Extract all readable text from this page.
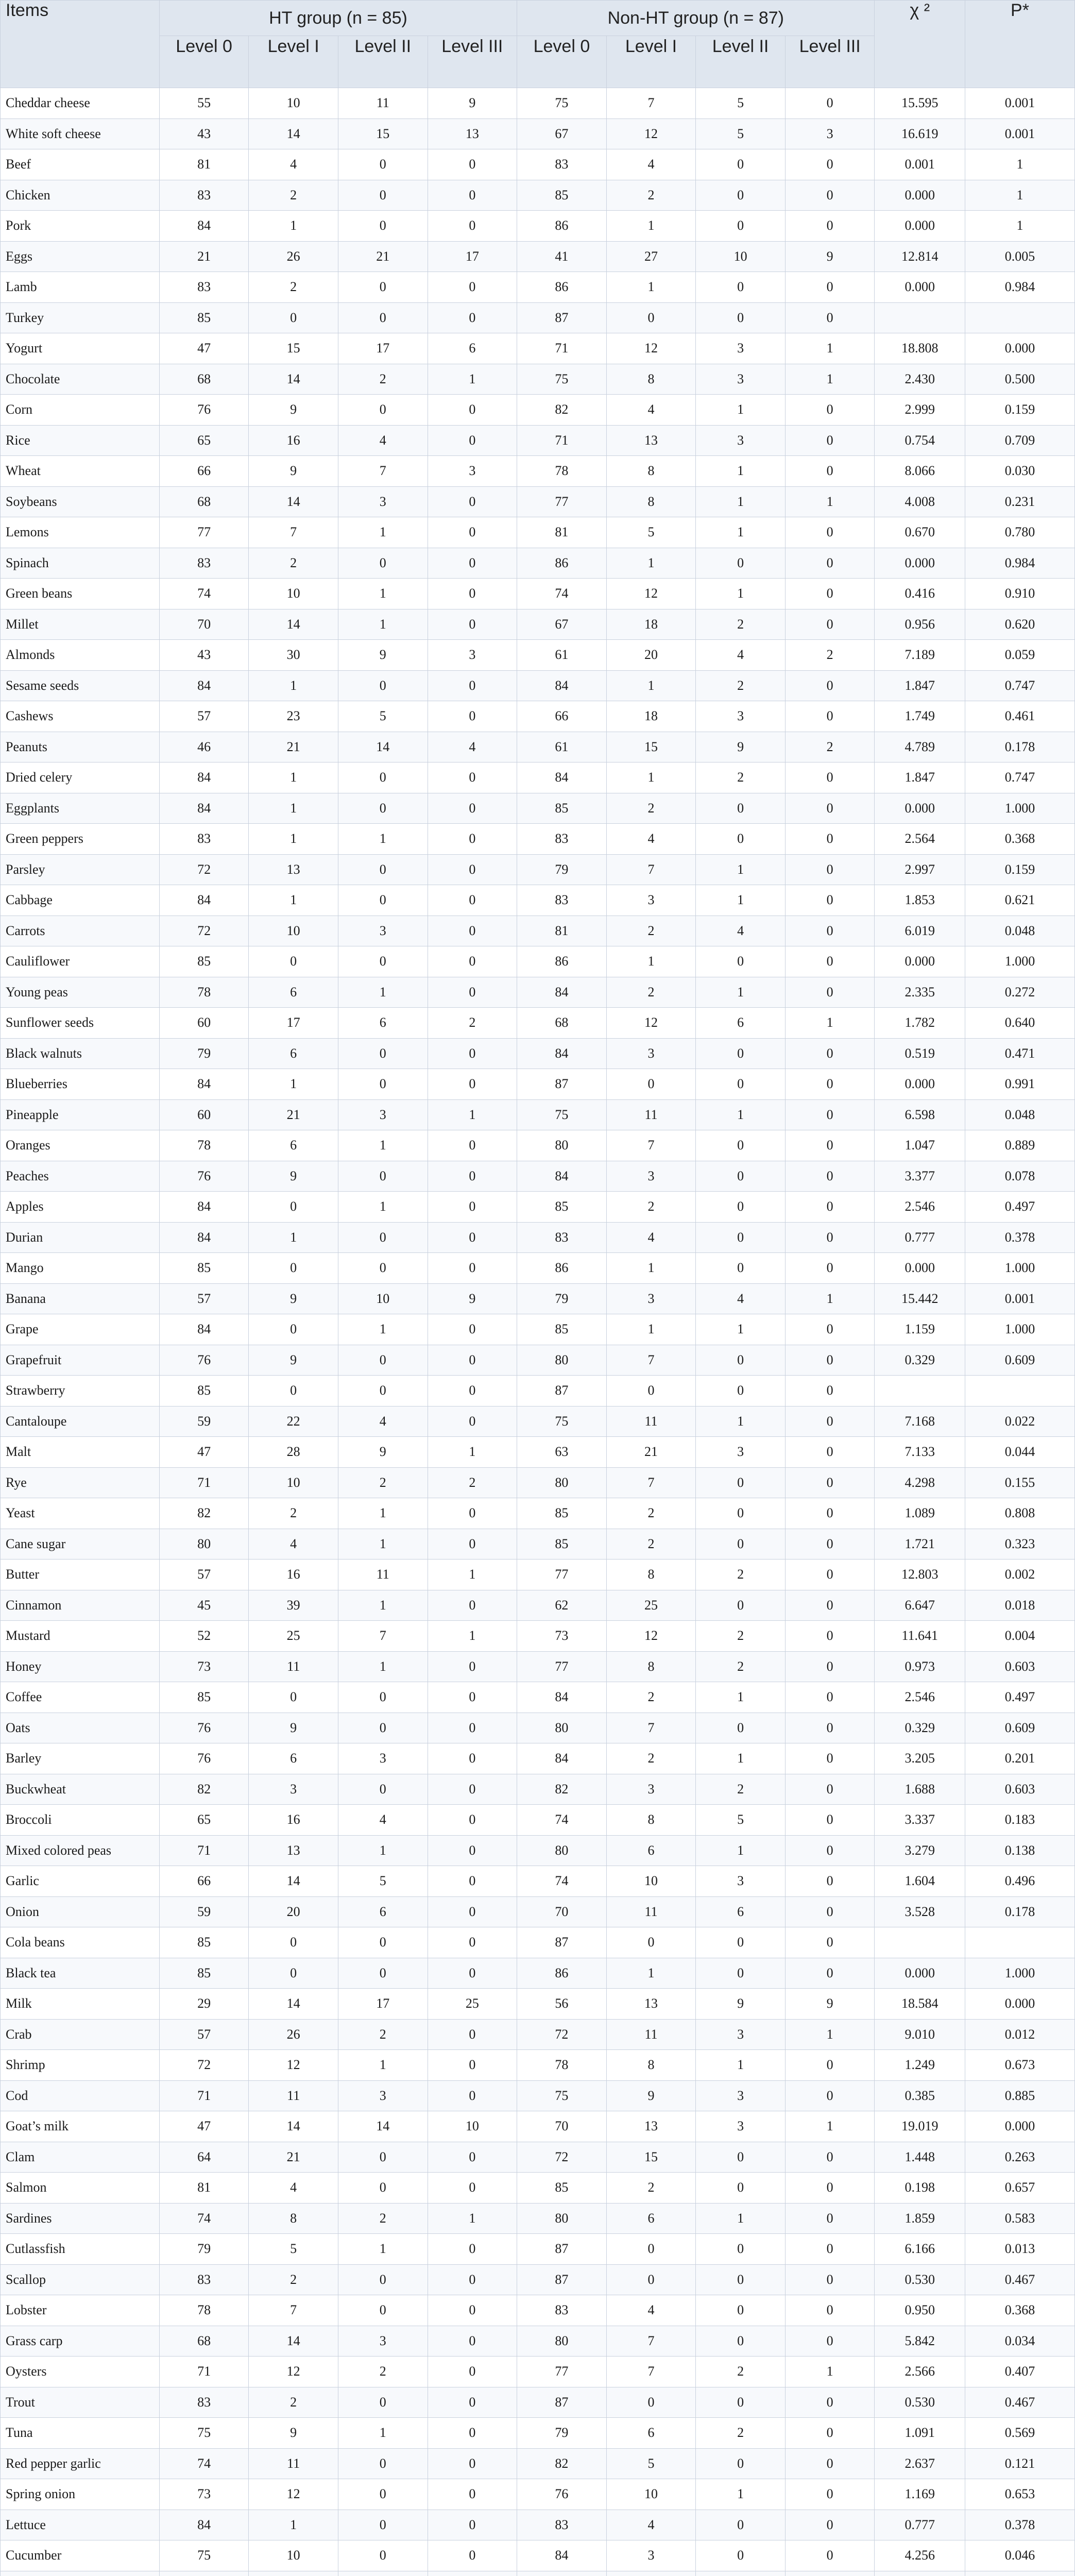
Items	HT group (n = 85)				Non-HT group (n = 87)				χ ²	P*
	Level 0	Level I	Level II	Level III	Level 0	Level I	Level II	Level III		
Cheddar cheese	55	10	11	9	75	7	5	0	15.595	0.001
White soft cheese	43	14	15	13	67	12	5	3	16.619	0.001
Beef	81	4	0	0	83	4	0	0	0.001	1
Chicken	83	2	0	0	85	2	0	0	0.000	1
Pork	84	1	0	0	86	1	0	0	0.000	1
Eggs	21	26	21	17	41	27	10	9	12.814	0.005
Lamb	83	2	0	0	86	1	0	0	0.000	0.984
Turkey	85	0	0	0	87	0	0	0		
Yogurt	47	15	17	6	71	12	3	1	18.808	0.000
Chocolate	68	14	2	1	75	8	3	1	2.430	0.500
Corn	76	9	0	0	82	4	1	0	2.999	0.159
Rice	65	16	4	0	71	13	3	0	0.754	0.709
Wheat	66	9	7	3	78	8	1	0	8.066	0.030
Soybeans	68	14	3	0	77	8	1	1	4.008	0.231
Lemons	77	7	1	0	81	5	1	0	0.670	0.780
Spinach	83	2	0	0	86	1	0	0	0.000	0.984
Green beans	74	10	1	0	74	12	1	0	0.416	0.910
Millet	70	14	1	0	67	18	2	0	0.956	0.620
Almonds	43	30	9	3	61	20	4	2	7.189	0.059
Sesame seeds	84	1	0	0	84	1	2	0	1.847	0.747
Cashews	57	23	5	0	66	18	3	0	1.749	0.461
Peanuts	46	21	14	4	61	15	9	2	4.789	0.178
Dried celery	84	1	0	0	84	1	2	0	1.847	0.747
Eggplants	84	1	0	0	85	2	0	0	0.000	1.000
Green peppers	83	1	1	0	83	4	0	0	2.564	0.368
Parsley	72	13	0	0	79	7	1	0	2.997	0.159
Cabbage	84	1	0	0	83	3	1	0	1.853	0.621
Carrots	72	10	3	0	81	2	4	0	6.019	0.048
Cauliflower	85	0	0	0	86	1	0	0	0.000	1.000
Young peas	78	6	1	0	84	2	1	0	2.335	0.272
Sunflower seeds	60	17	6	2	68	12	6	1	1.782	0.640
Black walnuts	79	6	0	0	84	3	0	0	0.519	0.471
Blueberries	84	1	0	0	87	0	0	0	0.000	0.991
Pineapple	60	21	3	1	75	11	1	0	6.598	0.048
Oranges	78	6	1	0	80	7	0	0	1.047	0.889
Peaches	76	9	0	0	84	3	0	0	3.377	0.078
Apples	84	0	1	0	85	2	0	0	2.546	0.497
Durian	84	1	0	0	83	4	0	0	0.777	0.378
Mango	85	0	0	0	86	1	0	0	0.000	1.000
Banana	57	9	10	9	79	3	4	1	15.442	0.001
Grape	84	0	1	0	85	1	1	0	1.159	1.000
Grapefruit	76	9	0	0	80	7	0	0	0.329	0.609
Strawberry	85	0	0	0	87	0	0	0		
Cantaloupe	59	22	4	0	75	11	1	0	7.168	0.022
Malt	47	28	9	1	63	21	3	0	7.133	0.044
Rye	71	10	2	2	80	7	0	0	4.298	0.155
Yeast	82	2	1	0	85	2	0	0	1.089	0.808
Cane sugar	80	4	1	0	85	2	0	0	1.721	0.323
Butter	57	16	11	1	77	8	2	0	12.803	0.002
Cinnamon	45	39	1	0	62	25	0	0	6.647	0.018
Mustard	52	25	7	1	73	12	2	0	11.641	0.004
Honey	73	11	1	0	77	8	2	0	0.973	0.603
Coffee	85	0	0	0	84	2	1	0	2.546	0.497
Oats	76	9	0	0	80	7	0	0	0.329	0.609
Barley	76	6	3	0	84	2	1	0	3.205	0.201
Buckwheat	82	3	0	0	82	3	2	0	1.688	0.603
Broccoli	65	16	4	0	74	8	5	0	3.337	0.183
Mixed colored peas	71	13	1	0	80	6	1	0	3.279	0.138
Garlic	66	14	5	0	74	10	3	0	1.604	0.496
Onion	59	20	6	0	70	11	6	0	3.528	0.178
Cola beans	85	0	0	0	87	0	0	0		
Black tea	85	0	0	0	86	1	0	0	0.000	1.000
Milk	29	14	17	25	56	13	9	9	18.584	0.000
Crab	57	26	2	0	72	11	3	1	9.010	0.012
Shrimp	72	12	1	0	78	8	1	0	1.249	0.673
Cod	71	11	3	0	75	9	3	0	0.385	0.885
Goat’s milk	47	14	14	10	70	13	3	1	19.019	0.000
Clam	64	21	0	0	72	15	0	0	1.448	0.263
Salmon	81	4	0	0	85	2	0	0	0.198	0.657
Sardines	74	8	2	1	80	6	1	0	1.859	0.583
Cutlassfish	79	5	1	0	87	0	0	0	6.166	0.013
Scallop	83	2	0	0	87	0	0	0	0.530	0.467
Lobster	78	7	0	0	83	4	0	0	0.950	0.368
Grass carp	68	14	3	0	80	7	0	0	5.842	0.034
Oysters	71	12	2	0	77	7	2	1	2.566	0.407
Trout	83	2	0	0	87	0	0	0	0.530	0.467
Tuna	75	9	1	0	79	6	2	0	1.091	0.569
Red pepper garlic	74	11	0	0	82	5	0	0	2.637	0.121
Spring onion	73	12	0	0	76	10	1	0	1.169	0.653
Lettuce	84	1	0	0	83	4	0	0	0.777	0.378
Cucumber	75	10	0	0	84	3	0	0	4.256	0.046
